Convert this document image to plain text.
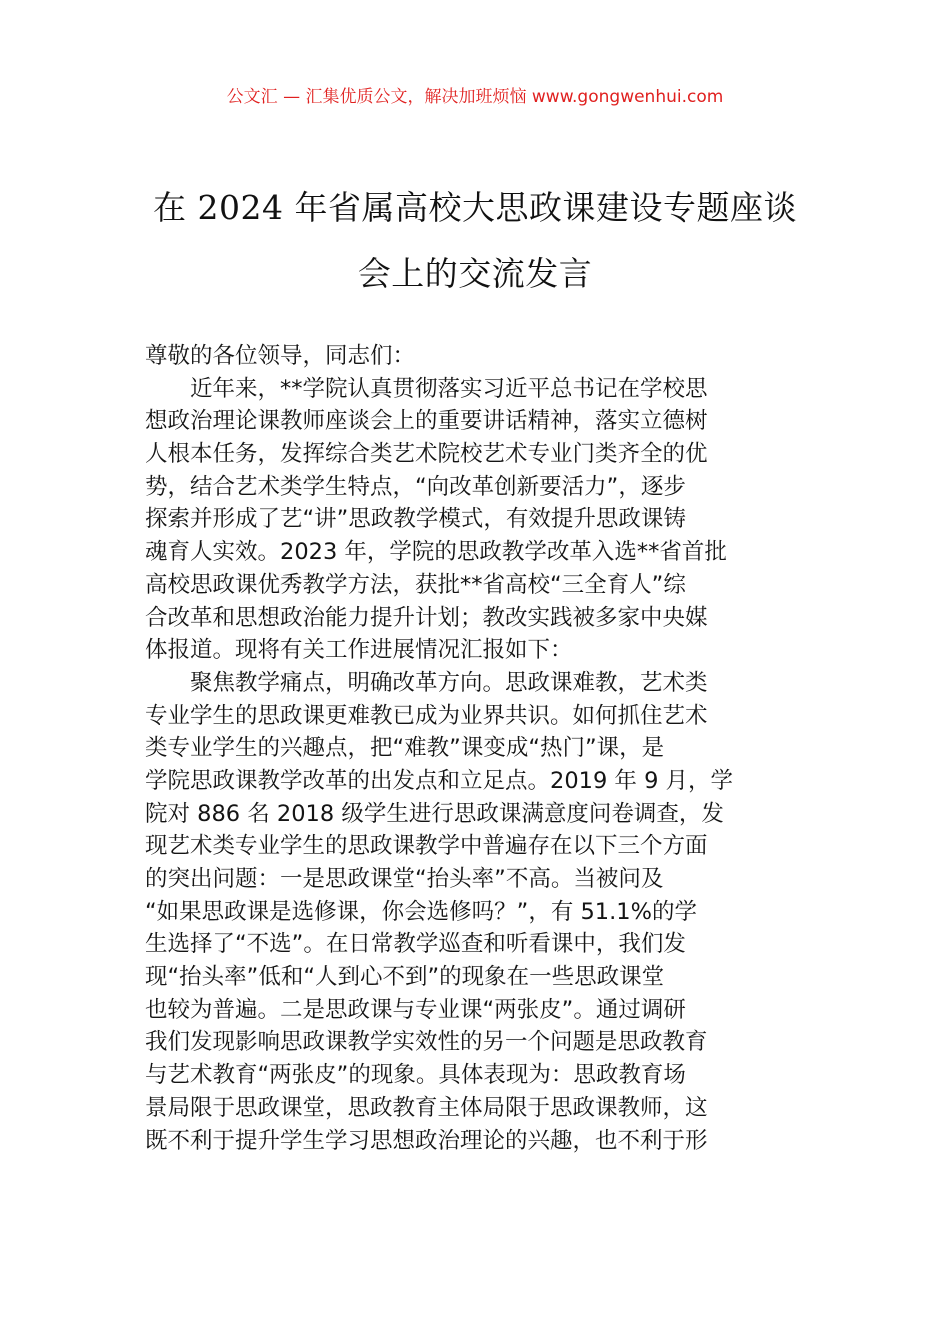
公文汇 — 汇集优质公文，解决加班烦恼 www.gongwenhui.com
在 2024 年省属高校大思政课建设专题座谈
会上的交流发言
尊敬的各位领导，同志们：
近年来，**学院认真贯彻落实习近平总书记在学校思
想政治理论课教师座谈会上的重要讲话精神，落实立德树
人根本任务，发挥综合类艺术院校艺术专业门类齐全的优
势，结合艺术类学生特点，“向改革创新要活力”，逐步
探索并形成了艺“讲”思政教学模式，有效提升思政课铸
魂育人实效。2023 年，学院的思政教学改革入选**省首批
高校思政课优秀教学方法，获批**省高校“三全育人”综
合改革和思想政治能力提升计划；教改实践被多家中央媒
体报道。现将有关工作进展情况汇报如下：
聚焦教学痛点，明确改革方向。思政课难教，艺术类
专业学生的思政课更难教已成为业界共识。如何抓住艺术
类专业学生的兴趣点，把“难教”课变成“热门”课，是
学院思政课教学改革的出发点和立足点。2019 年 9 月，学
院对 886 名 2018 级学生进行思政课满意度问卷调查，发
现艺术类专业学生的思政课教学中普遍存在以下三个方面
的突出问题：一是思政课堂“抬头率”不高。当被问及
“如果思政课是选修课，你会选修吗？”，有 51.1%的学
生选择了“不选”。在日常教学巡查和听看课中，我们发
现“抬头率”低和“人到心不到”的现象在一些思政课堂
也较为普遍。二是思政课与专业课“两张皮”。通过调研
我们发现影响思政课教学实效性的另一个问题是思政教育
与艺术教育“两张皮”的现象。具体表现为：思政教育场
景局限于思政课堂，思政教育主体局限于思政课教师，这
既不利于提升学生学习思想政治理论的兴趣，也不利于形
